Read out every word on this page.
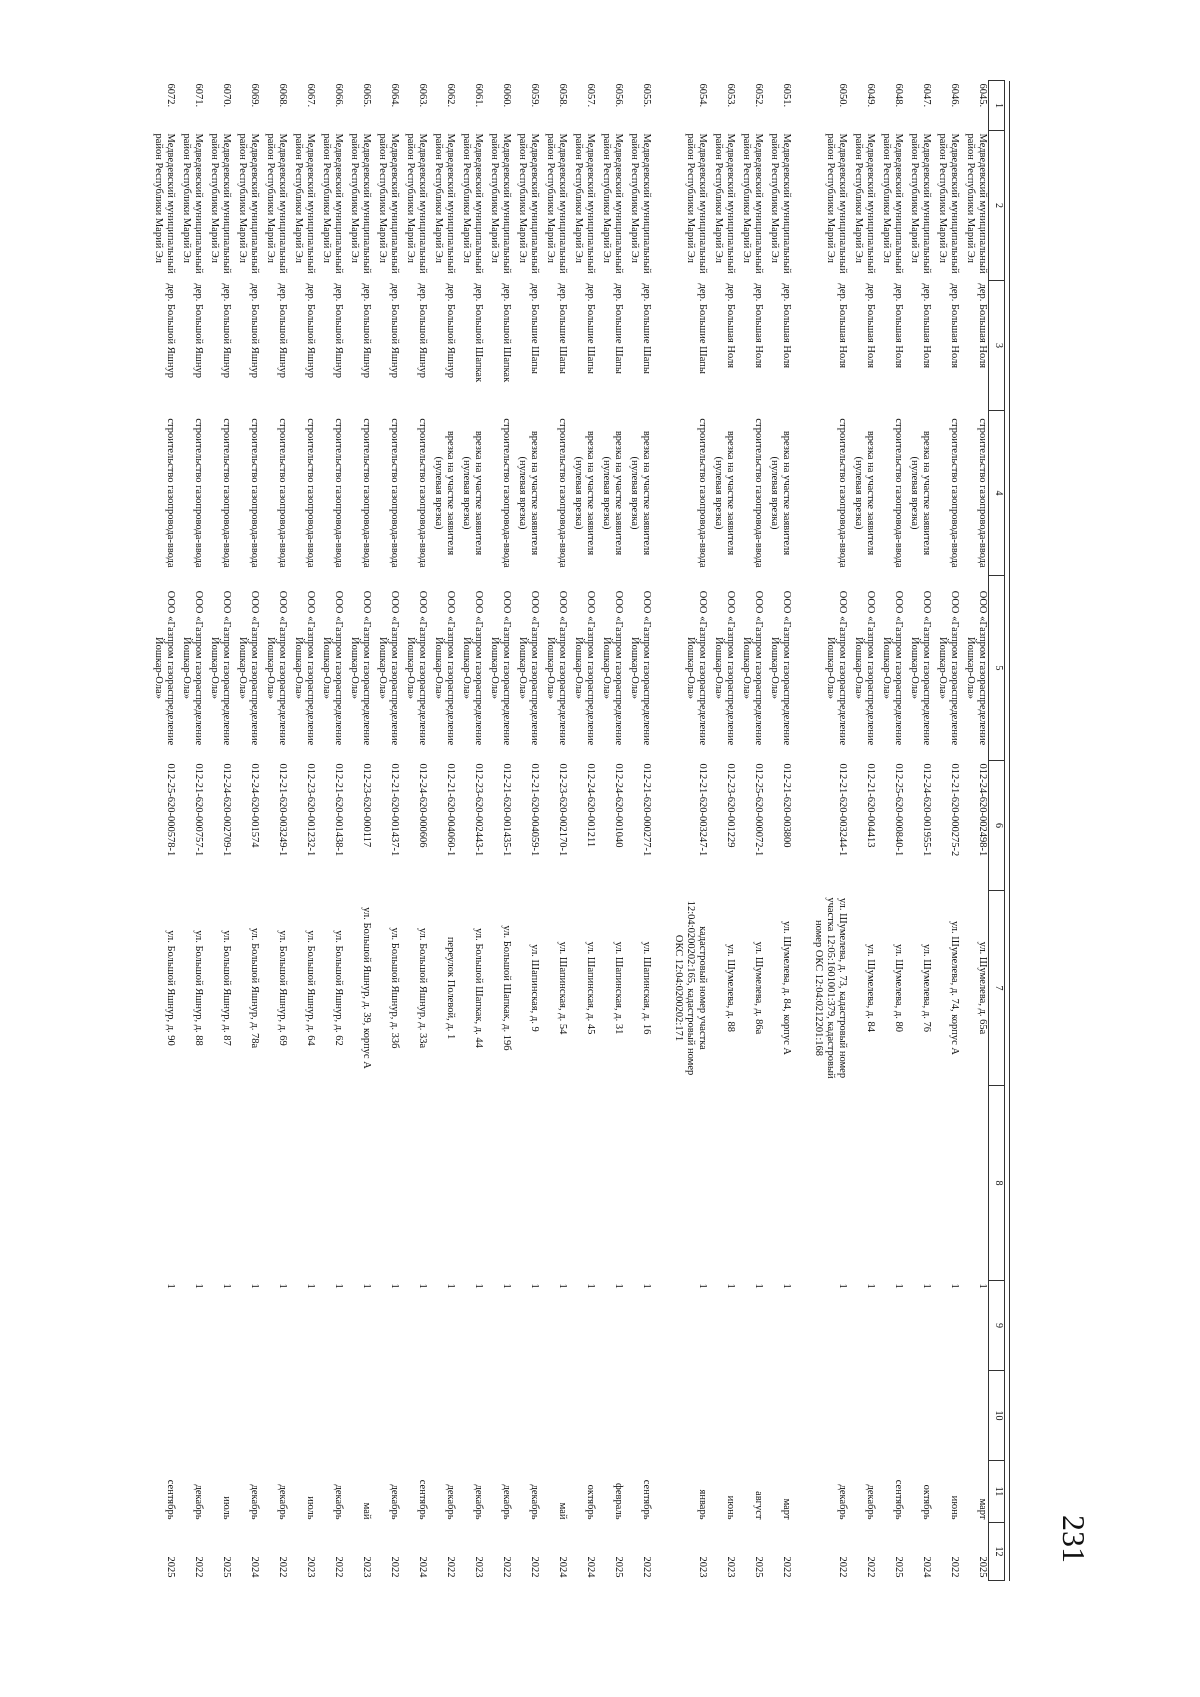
231

1	2	3	4	5	6	7	8	9	10	11	12
6045.	Медведевский муниципальный район Республики Марий Эл	дер. Большая Ноля	строительство газопровода-ввода	ООО «Газпром газораспределение Йошкар-Ола»	012-24-620-002498-1	ул. Шумелева, д. 65а		1		март	2025
6046.	Медведевский муниципальный район Республики Марий Эл	дер. Большая Ноля	строительство газопровода-ввода	ООО «Газпром газораспределение Йошкар-Ола»	012-21-620-000275-2	ул. Шумелева, д. 74, корпус А		1		июнь	2022
6047.	Медведевский муниципальный район Республики Марий Эл	дер. Большая Ноля	врезка на участке заявителя (нулевая врезка)	ООО «Газпром газораспределение Йошкар-Ола»	012-24-620-001955-1	ул. Шумелева, д. 76		1		октябрь	2024
6048.	Медведевский муниципальный район Республики Марий Эл	дер. Большая Ноля	строительство газопровода-ввода	ООО «Газпром газораспределение Йошкар-Ола»	012-25-620-000840-1	ул. Шумелева, д. 80		1		сентябрь	2025
6049.	Медведевский муниципальный район Республики Марий Эл	дер. Большая Ноля	врезка на участке заявителя (нулевая врезка)	ООО «Газпром газораспределение Йошкар-Ола»	012-21-620-004413	ул. Шумелева, д. 84		1		декабрь	2022
6050.	Медведевский муниципальный район Республики Марий Эл	дер. Большая Ноля	строительство газопровода-ввода	ООО «Газпром газораспределение Йошкар-Ола»	012-21-620-003244-1	ул. Шумелева, д. 73, кадастровый номер участка 12:05:1601001:379, кадастровый номер ОКС 12:04:0212201:168		1		декабрь	2022
6051.	Медведевский муниципальный район Республики Марий Эл	дер. Большая Ноля	врезка на участке заявителя (нулевая врезка)	ООО «Газпром газораспределение Йошкар-Ола»	012-21-620-003800	ул. Шумелева, д. 84, корпус А		1		март	2022
6052.	Медведевский муниципальный район Республики Марий Эл	дер. Большая Ноля	строительство газопровода-ввода	ООО «Газпром газораспределение Йошкар-Ола»	012-25-620-000072-1	ул. Шумелева, д. 86а		1		август	2025
6053.	Медведевский муниципальный район Республики Марий Эл	дер. Большая Ноля	врезка на участке заявителя (нулевая врезка)	ООО «Газпром газораспределение Йошкар-Ола»	012-23-620-001229	ул. Шумелева, д. 88		1		июнь	2023
6054.	Медведевский муниципальный район Республики Марий Эл	дер. Большие Шапы	строительство газопровода-ввода	ООО «Газпром газораспределение Йошкар-Ола»	012-21-620-003247-1	кадастровый номер участка 12:04:0200202:165, кадастровый номер ОКС 12:04:0200202:171		1		январь	2023
6055.	Медведевский муниципальный район Республики Марий Эл	дер. Большие Шапы	врезка на участке заявителя (нулевая врезка)	ООО «Газпром газораспределение Йошкар-Ола»	012-21-620-000277-1	ул. Шапинская, д. 16		1		сентябрь	2022
6056.	Медведевский муниципальный район Республики Марий Эл	дер. Большие Шапы	врезка на участке заявителя (нулевая врезка)	ООО «Газпром газораспределение Йошкар-Ола»	012-24-620-001040	ул. Шапинская, д. 31		1		февраль	2025
6057.	Медведевский муниципальный район Республики Марий Эл	дер. Большие Шапы	врезка на участке заявителя (нулевая врезка)	ООО «Газпром газораспределение Йошкар-Ола»	012-24-620-001211	ул. Шапинская, д. 45		1		октябрь	2024
6058.	Медведевский муниципальный район Республики Марий Эл	дер. Большие Шапы	строительство газопровода-ввода	ООО «Газпром газораспределение Йошкар-Ола»	012-23-620-002170-1	ул. Шапинская, д. 54		1		май	2024
6059.	Медведевский муниципальный район Республики Марий Эл	дер. Большие Шапы	врезка на участке заявителя (нулевая врезка)	ООО «Газпром газораспределение Йошкар-Ола»	012-21-620-004059-1	ул. Шапинская, д. 9		1		декабрь	2022
6060.	Медведевский муниципальный район Республики Марий Эл	дер. Большой Шапкак	строительство газопровода-ввода	ООО «Газпром газораспределение Йошкар-Ола»	012-21-620-001435-1	ул. Большой Шапкак, д. 19б		1		декабрь	2022
6061.	Медведевский муниципальный район Республики Марий Эл	дер. Большой Шапкак	врезка на участке заявителя (нулевая врезка)	ООО «Газпром газораспределение Йошкар-Ола»	012-23-620-002443-1	ул. Большой Шапкак, д. 44		1		декабрь	2023
6062.	Медведевский муниципальный район Республики Марий Эл	дер. Большой Яшнур	врезка на участке заявителя (нулевая врезка)	ООО «Газпром газораспределение Йошкар-Ола»	012-21-620-004060-1	переулок Полевой, д. 1		1		декабрь	2022
6063.	Медведевский муниципальный район Республики Марий Эл	дер. Большой Яшнур	строительство газопровода-ввода	ООО «Газпром газораспределение Йошкар-Ола»	012-24-620-000606	ул. Большой Яшнур, д. 33а		1		сентябрь	2024
6064.	Медведевский муниципальный район Республики Марий Эл	дер. Большой Яшнур	строительство газопровода-ввода	ООО «Газпром газораспределение Йошкар-Ола»	012-21-620-001437-1	ул. Большой Яшнур, д. 33б		1		декабрь	2022
6065.	Медведевский муниципальный район Республики Марий Эл	дер. Большой Яшнур	строительство газопровода-ввода	ООО «Газпром газораспределение Йошкар-Ола»	012-23-620-000117	ул. Большой Яшнур, д. 39, корпус А		1		май	2023
6066.	Медведевский муниципальный район Республики Марий Эл	дер. Большой Яшнур	строительство газопровода-ввода	ООО «Газпром газораспределение Йошкар-Ола»	012-21-620-001438-1	ул. Большой Яшнур, д. 62		1		декабрь	2022
6067.	Медведевский муниципальный район Республики Марий Эл	дер. Большой Яшнур	строительство газопровода-ввода	ООО «Газпром газораспределение Йошкар-Ола»	012-23-620-001232-1	ул. Большой Яшнур, д. 64		1		июль	2023
6068.	Медведевский муниципальный район Республики Марий Эл	дер. Большой Яшнур	строительство газопровода-ввода	ООО «Газпром газораспределение Йошкар-Ола»	012-21-620-003249-1	ул. Большой Яшнур, д. 69		1		декабрь	2022
6069.	Медведевский муниципальный район Республики Марий Эл	дер. Большой Яшнур	строительство газопровода-ввода	ООО «Газпром газораспределение Йошкар-Ола»	012-24-620-001574	ул. Большой Яшнур, д. 78а		1		декабрь	2024
6070.	Медведевский муниципальный район Республики Марий Эл	дер. Большой Яшнур	строительство газопровода-ввода	ООО «Газпром газораспределение Йошкар-Ола»	012-24-620-002709-1	ул. Большой Яшнур, д. 87		1		июль	2025
6071.	Медведевский муниципальный район Республики Марий Эл	дер. Большой Яшнур	строительство газопровода-ввода	ООО «Газпром газораспределение Йошкар-Ола»	012-21-620-000757-1	ул. Большой Яшнур, д. 88		1		декабрь	2022
6072.	Медведевский муниципальный район Республики Марий Эл	дер. Большой Яшнур	строительство газопровода-ввода	ООО «Газпром газораспределение Йошкар-Ола»	012-25-620-000578-1	ул. Большой Яшнур, д. 90		1		сентябрь	2025
